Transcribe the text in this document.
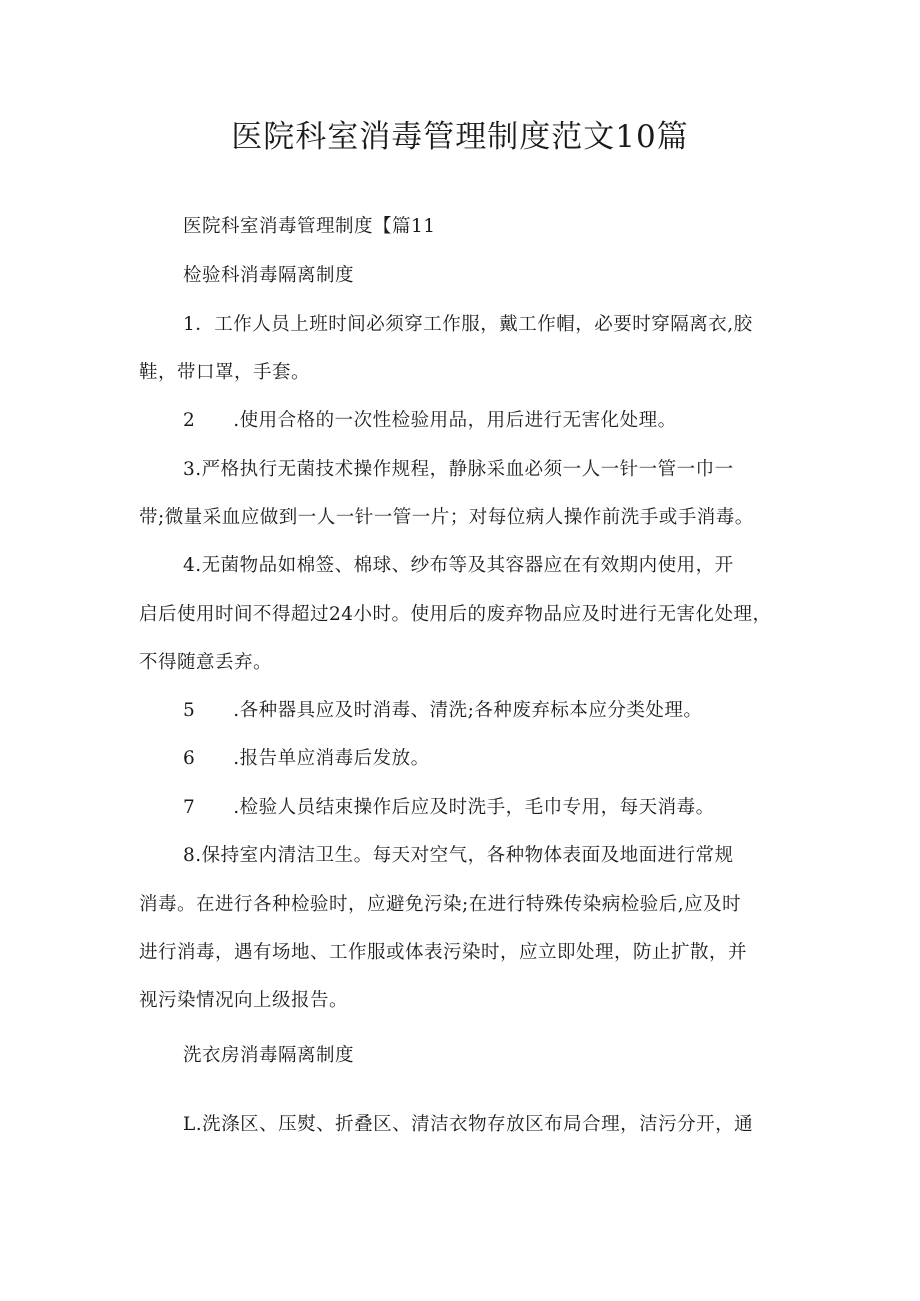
医院科室消毒管理制度范文10篇
医院科室消毒管理制度【篇11
检验科消毒隔离制度
1．工作人员上班时间必须穿工作服，戴工作帽，必要时穿隔离衣,胶
鞋，带口罩，手套。
2 .使用合格的一次性检验用品，用后进行无害化处理。
3.严格执行无菌技术操作规程，静脉采血必须一人一针一管一巾一
带;微量采血应做到一人一针一管一片；对每位病人操作前洗手或手消毒。
4.无菌物品如棉签、棉球、纱布等及其容器应在有效期内使用，开
启后使用时间不得超过24小时。使用后的废弃物品应及时进行无害化处理，
不得随意丢弃。
5 .各种器具应及时消毒、清洗;各种废弃标本应分类处理。
6 .报告单应消毒后发放。
7 .检验人员结束操作后应及时洗手，毛巾专用，每天消毒。
8.保持室内清洁卫生。每天对空气，各种物体表面及地面进行常规
消毒。在进行各种检验时，应避免污染;在进行特殊传染病检验后,应及时
进行消毒，遇有场地、工作服或体表污染时，应立即处理，防止扩散，并
视污染情况向上级报告。
洗衣房消毒隔离制度
L.洗涤区、压熨、折叠区、清洁衣物存放区布局合理，洁污分开，通
